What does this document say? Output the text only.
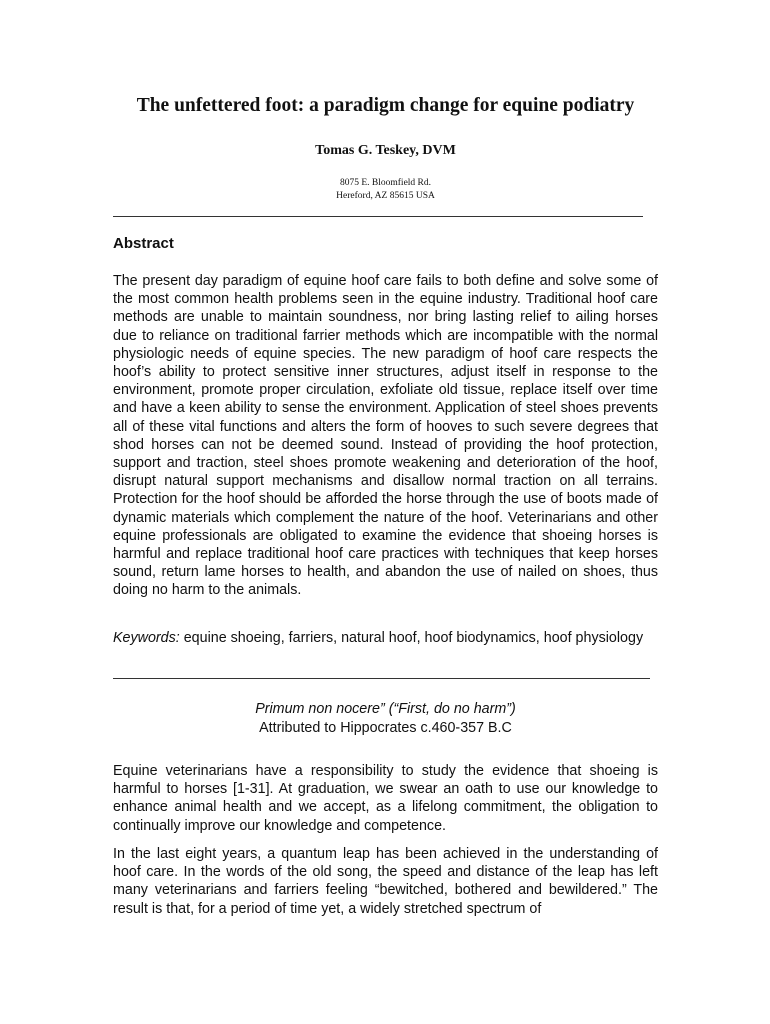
The unfettered foot: a paradigm change for equine podiatry
Tomas G. Teskey, DVM
8075 E. Bloomfield Rd.
Hereford, AZ 85615 USA
Abstract

The present day paradigm of equine hoof care fails to both define and solve some of the most common health problems seen in the equine industry. Traditional hoof care methods are unable to maintain soundness, nor bring lasting relief to ailing horses due to reliance on traditional farrier methods which are incompatible with the normal physiologic needs of equine species. The new paradigm of hoof care respects the hoof’s ability to protect sensitive inner structures, adjust itself in response to the environment, promote proper circulation, exfoliate old tissue, replace itself over time and have a keen ability to sense the environment. Application of steel shoes prevents all of these vital functions and alters the form of hooves to such severe degrees that shod horses can not be deemed sound. Instead of providing the hoof protection, support and traction, steel shoes promote weakening and deterioration of the hoof, disrupt natural support mechanisms and disallow normal traction on all terrains. Protection for the hoof should be afforded the horse through the use of boots made of dynamic materials which complement the nature of the hoof. Veterinarians and other equine professionals are obligated to examine the evidence that shoeing horses is harmful and replace traditional hoof care practices with techniques that keep horses sound, return lame horses to health, and abandon the use of nailed on shoes, thus doing no harm to the animals.

Keywords: equine shoeing, farriers, natural hoof, hoof biodynamics, hoof physiology

Primum non nocere” (“First, do no harm”)
Attributed to Hippocrates c.460-357 B.C

Equine veterinarians have a responsibility to study the evidence that shoeing is harmful to horses [1-31]. At graduation, we swear an oath to use our knowledge to enhance animal health and we accept, as a lifelong commitment, the obligation to continually improve our knowledge and competence.

In the last eight years, a quantum leap has been achieved in the understanding of hoof care. In the words of the old song, the speed and distance of the leap has left many veterinarians and farriers feeling “bewitched, bothered and bewildered.” The result is that, for a period of time yet, a widely stretched spectrum of
